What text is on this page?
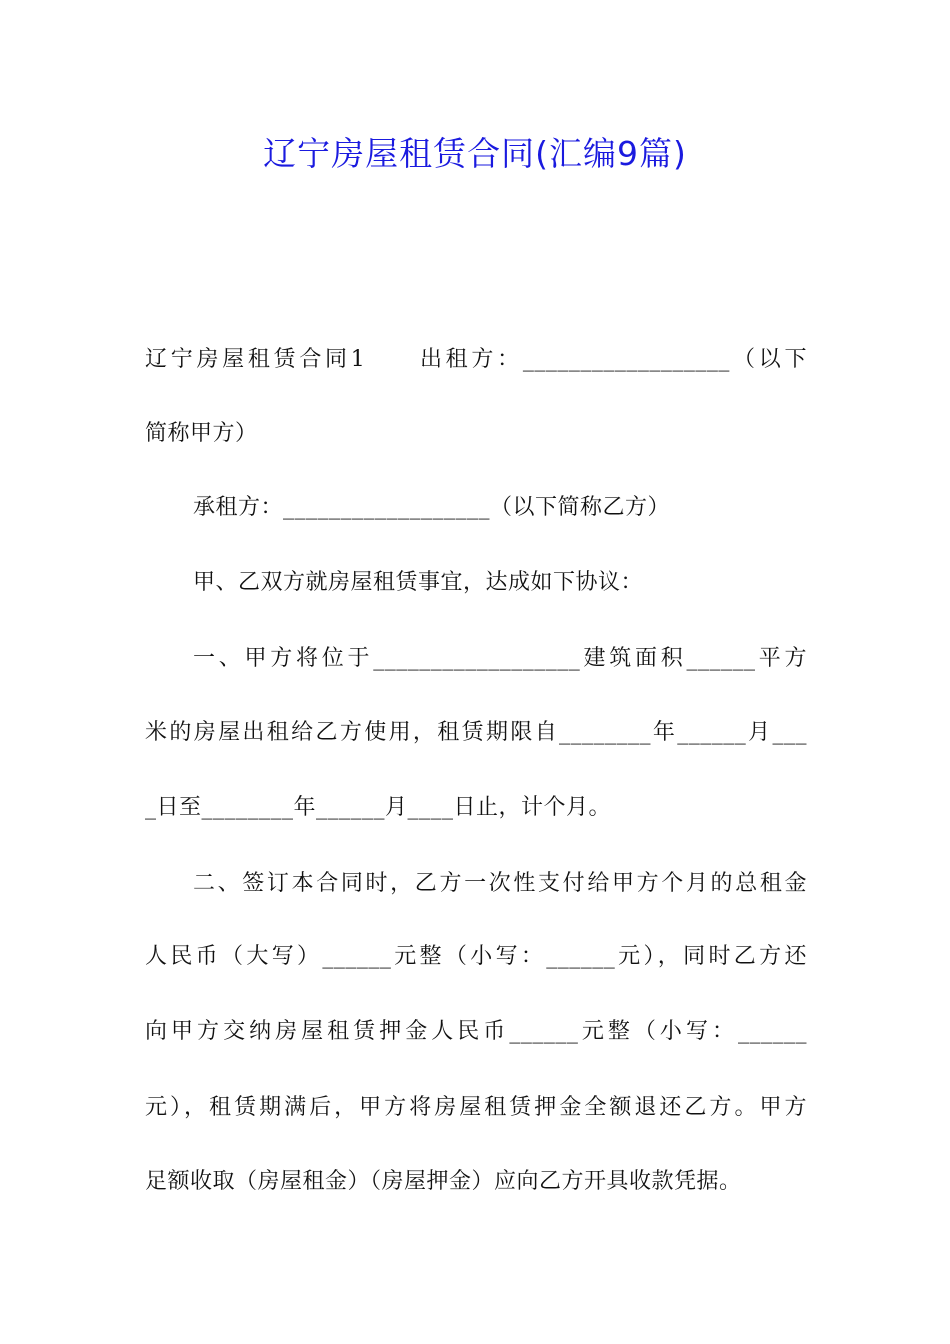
辽宁房屋租赁合同(汇编9篇)
辽宁房屋租赁合同1　　出租方：__________________（以下
简称甲方）
承租方：__________________（以下简称乙方）
甲、乙双方就房屋租赁事宜，达成如下协议：
一、甲方将位于__________________建筑面积______平方
米的房屋出租给乙方使用，租赁期限自________年______月___
_日至________年______月____日止，计个月。
二、签订本合同时，乙方一次性支付给甲方个月的总租金
人民币（大写）______元整（小写：______元），同时乙方还
向甲方交纳房屋租赁押金人民币______元整（小写：______
元），租赁期满后，甲方将房屋租赁押金全额退还乙方。甲方
足额收取（房屋租金）（房屋押金）应向乙方开具收款凭据。
